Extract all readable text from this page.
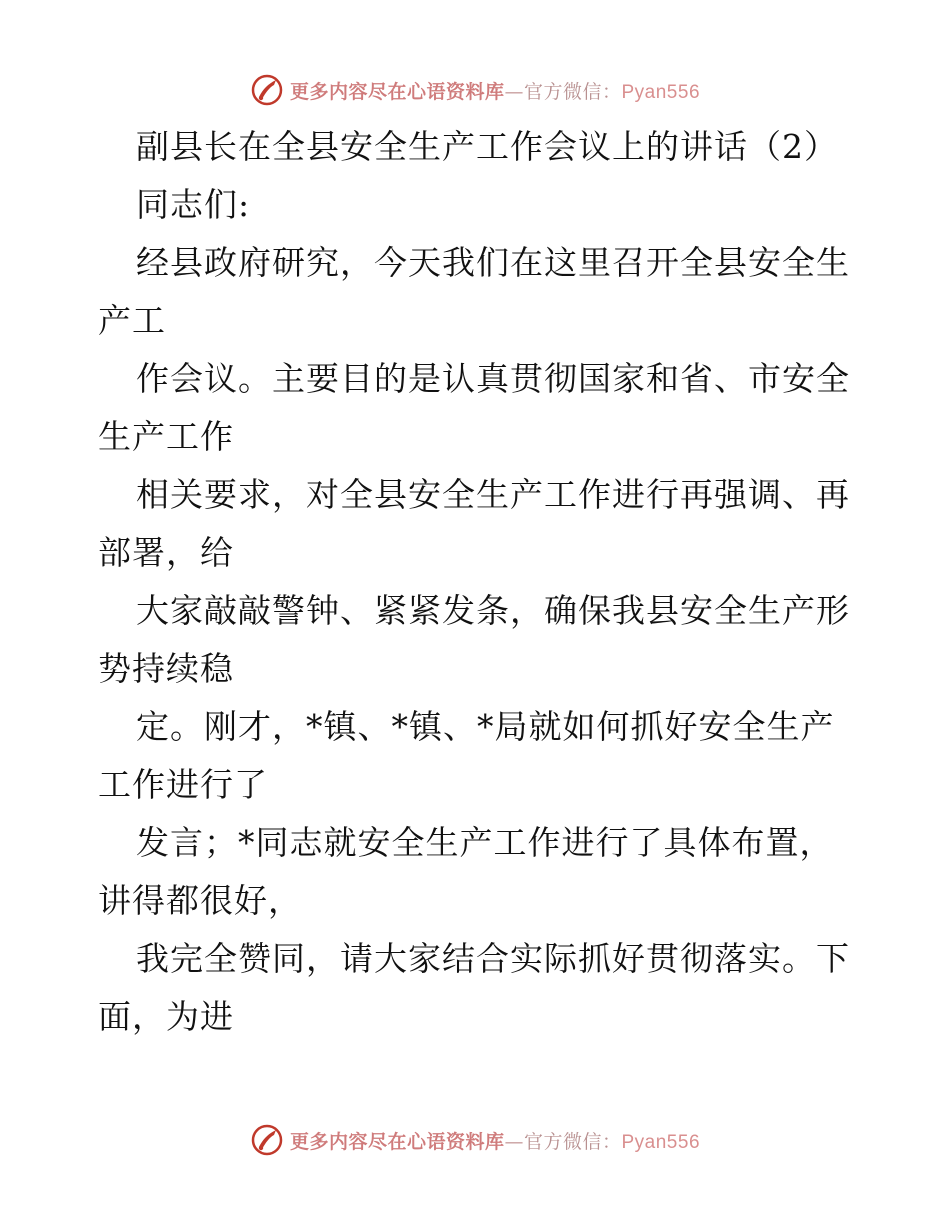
更多内容尽在心语资料库—官方微信：Pyan556
副县长在全县安全生产工作会议上的讲话（2）
同志们:
经县政府研究，今天我们在这里召开全县安全生
产工
作会议。主要目的是认真贯彻国家和省、市安全
生产工作
相关要求，对全县安全生产工作进行再强调、再
部署，给
大家敲敲警钟、紧紧发条，确保我县安全生产形
势持续稳
定。刚才，*镇、*镇、*局就如何抓好安全生产
工作进行了
发言；*同志就安全生产工作进行了具体布置，
讲得都很好，
我完全赞同，请大家结合实际抓好贯彻落实。下
面，为进
更多内容尽在心语资料库—官方微信：Pyan556
